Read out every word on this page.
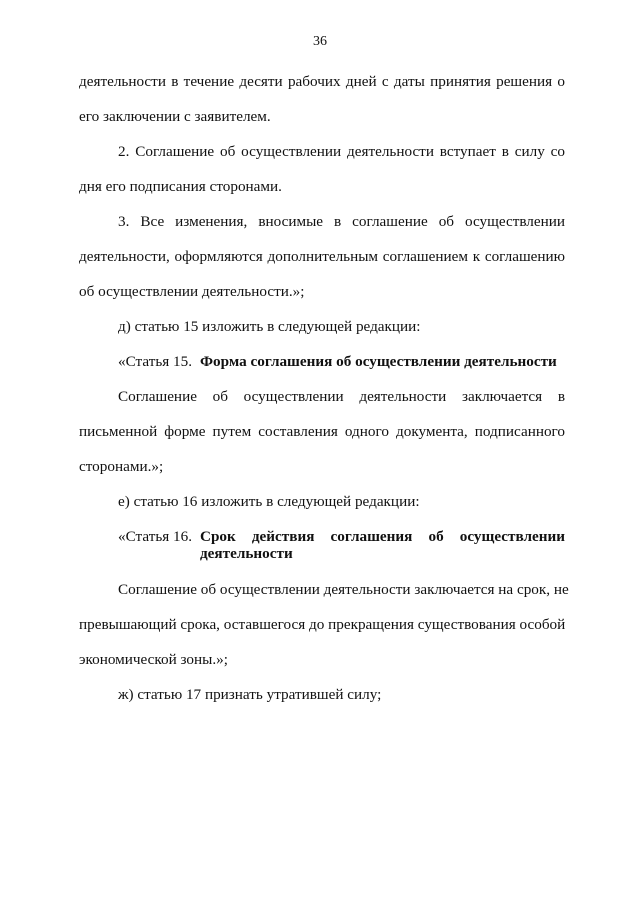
36
деятельности в течение десяти рабочих дней с даты принятия решения о
его заключении с заявителем.
2. Соглашение об осуществлении деятельности вступает в силу со
дня его подписания сторонами.
3. Все изменения, вносимые в соглашение об осуществлении
деятельности, оформляются дополнительным соглашением к соглашению
об осуществлении деятельности.»;
д) статью 15 изложить в следующей редакции:
«Статья 15. Форма соглашения об осуществлении деятельности
Соглашение об осуществлении деятельности заключается в
письменной форме путем составления одного документа, подписанного
сторонами.»;
е) статью 16 изложить в следующей редакции:
«Статья 16. Срок действия соглашения об осуществлении
деятельности
Соглашение об осуществлении деятельности заключается на срок, не
превышающий срока, оставшегося до прекращения существования особой
экономической зоны.»;
ж) статью 17 признать утратившей силу;
